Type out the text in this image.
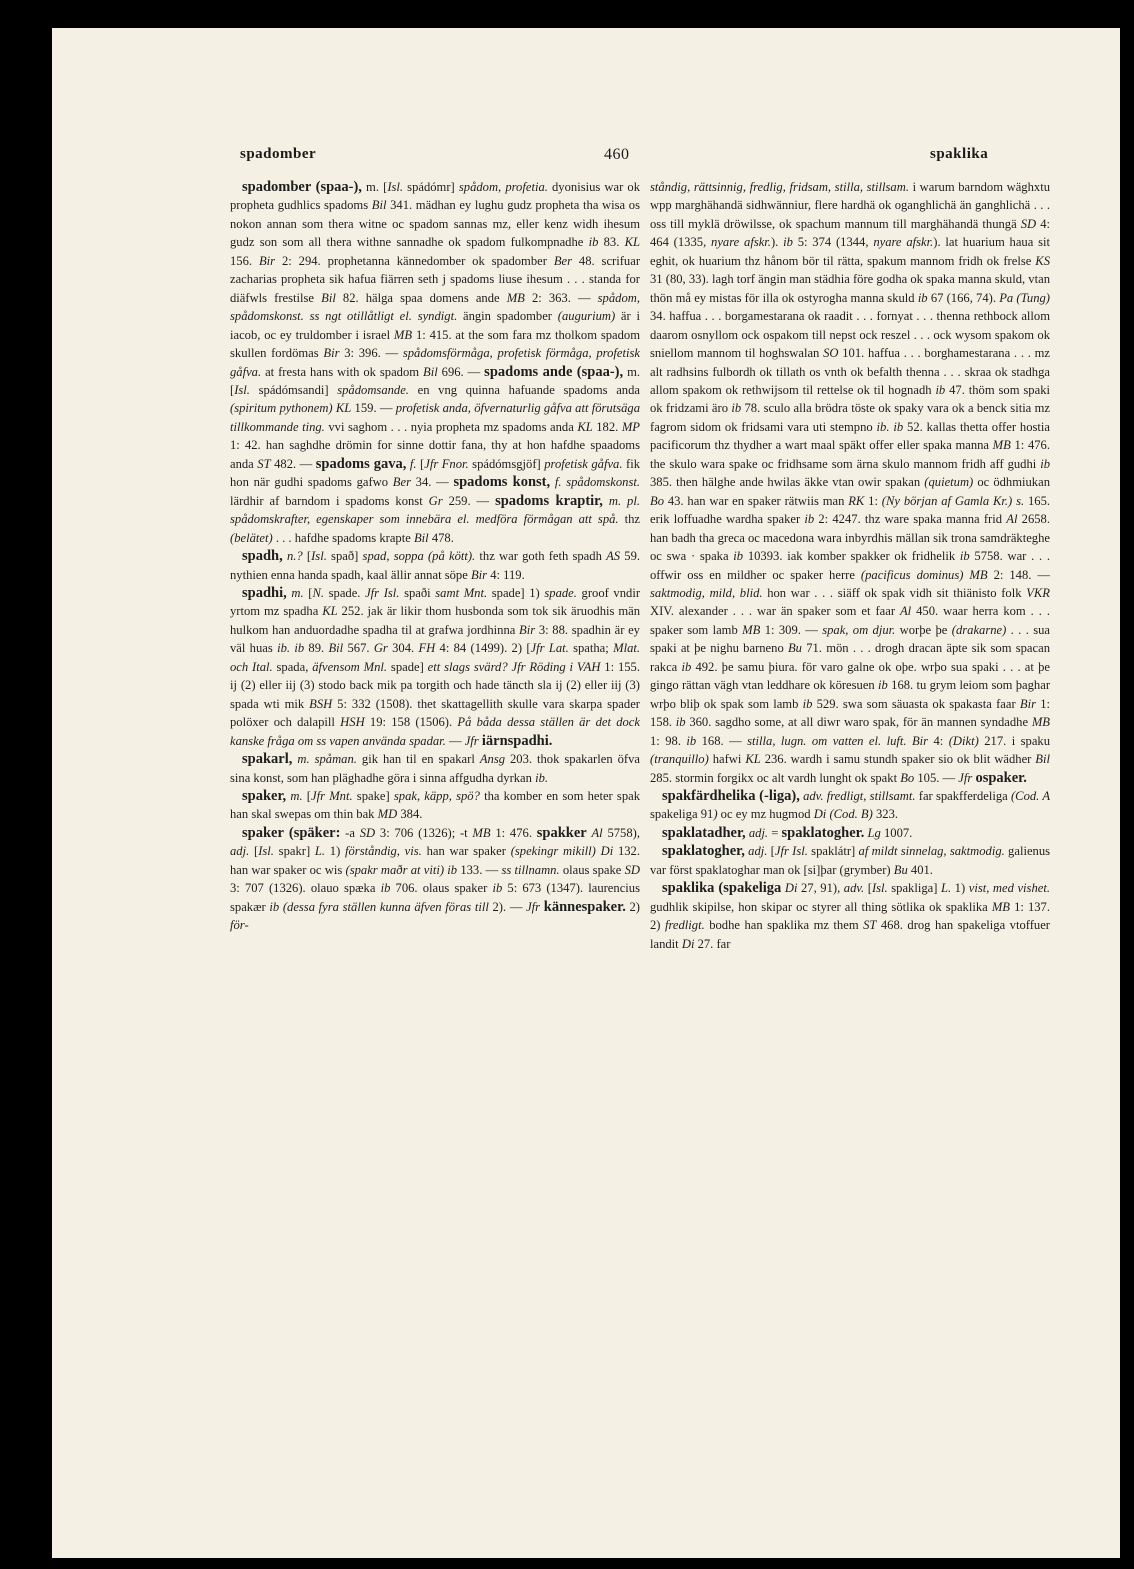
spadomber	460	spaklika

spadomber (spaa-), m. [Isl. spádómr] spådom, profetia. dyonisius war ok propheta gudhlics spadoms Bil 341. mädhan ey lughu gudz propheta tha wisa os nokon annan som thera witne oc spadom sannas mz, eller kenz widh ihesum gudz son som all thera withne sannadhe ok spadom fulkompnadhe ib 83. KL 156. Bir 2: 294. prophetanna kännedomber ok spadomber Ber 48. scrifuar zacharias propheta sik hafua fiärren seth j spadoms liuse ihesum . . . standa for diäfwls frestilse Bil 82. hälga spaa domens ande MB 2: 363. — spådom, spådomskonst. ss ngt otillåtligt el. syndigt. ängin spadomber (augurium) är i iacob, oc ey truldomber i israel MB 1: 415. at the som fara mz tholkom spadom skullen fordömas Bir 3: 396. — spådomsförmåga, profetisk förmåga, profetisk gåfva. at fresta hans with ok spadom Bil 696. — spadoms ande (spaa-), m. [Isl. spádómsandi] spådomsande. en vng quinna hafuande spadoms anda (spiritum pythonem) KL 159. — profetisk anda, öfvernaturlig gåfva att förutsäga tillkommande ting. vvi saghom . . . nyia propheta mz spadoms anda KL 182. MP 1: 42. han saghdhe drömin for sinne dottir fana, thy at hon hafdhe spaadoms anda ST 482. — spadoms gava, f. [Jfr Fnor. spádómsgjöf] profetisk gåfva. fik hon när gudhi spadoms gafwo Ber 34. — spadoms konst, f. spådomskonst. lärdhir af barndom i spadoms konst Gr 259. — spadoms kraptir, m. pl. spådomskrafter, egenskaper som innebära el. medföra förmågan att spå. thz (belätet) . . . hafdhe spadoms krapte Bil 478.

spadh, n.? [Isl. spað] spad, soppa (på kött). thz war goth feth spadh AS 59. nythien enna handa spadh, kaal ällir annat söpe Bir 4: 119.

spadhi, m. [N. spade. Jfr Isl. spaði samt Mnt. spade] 1) spade. groof vndir yrtom mz spadha KL 252. jak är likir thom husbonda som tok sik äruodhis män hulkom han anduordadhe spadha til at grafwa jordhinna Bir 3: 88. spadhin är ey väl huas ib. ib 89. Bil 567. Gr 304. FH 4: 84 (1499). 2) [Jfr Lat. spatha; Mlat. och Ital. spada, äfvensom Mnl. spade] ett slags svärd? Jfr Röding i VAH 1: 155. ij (2) eller iij (3) stodo back mik pa torgith och hade täncth sla ij (2) eller iij (3) spada wti mik BSH 5: 332 (1508). thet skattagellith skulle vara skarpa spader polöxer och dalapill HSH 19: 158 (1506). På båda dessa ställen är det dock kanske fråga om ss vapen använda spadar. — Jfr iärnspadhi.

spakarl, m. spåman. gik han til en spakarl Ansg 203. thok spakarlen öfva sina konst, som han pläghadhe göra i sinna affgudha dyrkan ib.

spaker, m. [Jfr Mnt. spake] spak, käpp, spö? tha komber en som heter spak han skal swepas om thin bak MD 384.

spaker (späker: -a SD 3: 706 (1326); -t MB 1: 476. spakker Al 5758), adj. [Isl. spakr] L. 1) förståndig, vis. han war spaker (spekingr mikill) Di 132. han war spaker oc wis (spakr maðr at viti) ib 133. — ss tillnamn. olaus spake SD 3: 707 (1326). olauo spæka ib 706. olaus spaker ib 5: 673 (1347). laurencius spakær ib (dessa fyra ställen kunna äfven föras till 2). — Jfr kännespaker. 2) för-

ståndig, rättsinnig, fredlig, fridsam, stilla, stillsam. i warum barndom wäghxtu wpp marghähandä sidhwänniur, flere hardhä ok oganghlichä än ganghlichä . . . oss till myklä dröwilsse, ok spachum mannum till marghähandä thungä SD 4: 464 (1335, nyare afskr.). ib 5: 374 (1344, nyare afskr.). lat huarium haua sit eghit, ok huarium thz hånom bör til rätta, spakum mannom fridh ok frelse KS 31 (80, 33). lagh torf ängin man städhia före godha ok spaka manna skuld, vtan thön må ey mistas för illa ok ostyrogha manna skuld ib 67 (166, 74). Pa (Tung) 34. haffua . . . borgamestarana ok raadit . . . fornyat . . . thenna rethbock allom daarom osnyllom ock ospakom till nepst ock reszel . . . ock wysom spakom ok sniellom mannom til hoghswalan SO 101. haffua . . . borghamestarana . . . mz alt radhsins fulbordh ok tillath os vnth ok befalth thenna . . . skraa ok stadhga allom spakom ok rethwijsom til rettelse ok til hognadh ib 47. thöm som spaki ok fridzami äro ib 78. sculo alla brödra töste ok spaky vara ok a benck sitia mz fagrom sidom ok fridsami vara uti stempno ib. ib 52. kallas thetta offer hostia pacificorum thz thydher a wart maal späkt offer eller spaka manna MB 1: 476. the skulo wara spake oc fridhsame som ärna skulo mannom fridh aff gudhi ib 385. then hälghe ande hwilas äkke vtan owir spakan (quietum) oc ödhmiukan Bo 43. han war en spaker rätwiis man RK 1: (Ny början af Gamla Kr.) s. 165. erik loffuadhe wardha spaker ib 2: 4247. thz ware spaka manna frid Al 2658. han badh tha greca oc macedona wara inbyrdhis mällan sik trona samdräkteghe oc swa · spaka ib 10393. iak komber spakker ok fridhelik ib 5758. war . . . offwir oss en mildher oc spaker herre (pacificus dominus) MB 2: 148. — saktmodig, mild, blid. hon war . . . siäff ok spak vidh sit thiänisto folk VKR XIV. alexander . . . war än spaker som et faar Al 450. waar herra kom . . . spaker som lamb MB 1: 309. — spak, om djur. worþe þe (drakarne) . . . sua spaki at þe nighu barneno Bu 71. mön . . . drogh dracan äpte sik som spacan rakca ib 492. þe samu þiura. för varo galne ok oþe. wrþo sua spaki . . . at þe gingo rättan vägh vtan leddhare ok köresuen ib 168. tu grym leiom som þaghar wrþo bliþ ok spak som lamb ib 529. swa som säuasta ok spakasta faar Bir 1: 158. ib 360. sagdho some, at all diwr waro spak, för än mannen syndadhe MB 1: 98. ib 168. — stilla, lugn. om vatten el. luft. Bir 4: (Dikt) 217. i spaku (tranquillo) hafwi KL 236. wardh i samu stundh spaker sio ok blit wädher Bil 285. stormin forgikx oc alt vardh lunght ok spakt Bo 105. — Jfr ospaker.

spakfärdhelika (-liga), adv. fredligt, stillsamt. far spakfferdeliga (Cod. A spakeliga 91) oc ey mz hugmod Di (Cod. B) 323.

spaklatadher, adj. = spaklatogher. Lg 1007.

spaklatogher, adj. [Jfr Isl. spaklátr] af mildt sinnelag, saktmodig. galienus var först spaklatoghar man ok [si]þar (grymber) Bu 401.

spaklika (spakeliga Di 27, 91), adv. [Isl. spakliga] L. 1) vist, med vishet. gudhlik skipilse, hon skipar oc styrer all thing sötlika ok spaklika MB 1: 137. 2) fredligt. bodhe han spaklika mz them ST 468. drog han spakeliga vtoffuer landit Di 27. far
